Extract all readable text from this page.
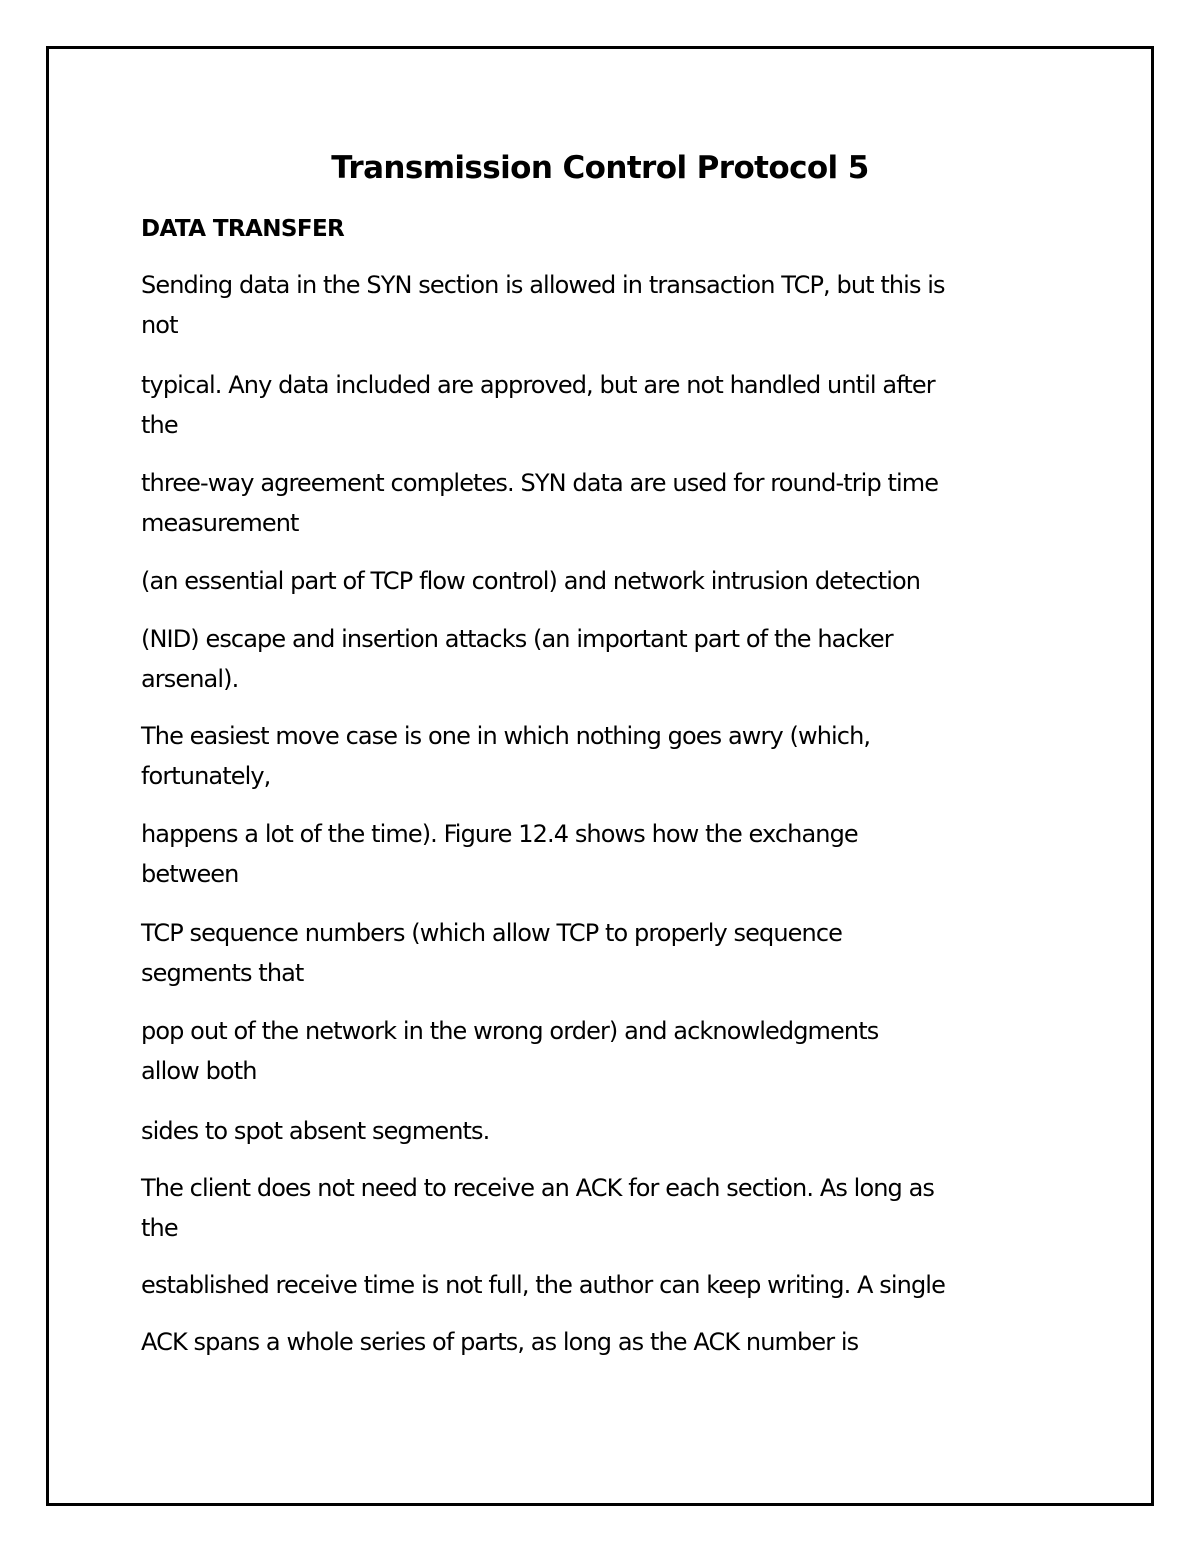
Transmission Control Protocol 5
DATA TRANSFER

Sending data in the SYN section is allowed in transaction TCP, but this is
not

typical. Any data included are approved, but are not handled until after
the

three-way agreement completes. SYN data are used for round-trip time
measurement

(an essential part of TCP flow control) and network intrusion detection

(NID) escape and insertion attacks (an important part of the hacker
arsenal).

The easiest move case is one in which nothing goes awry (which,
fortunately,

happens a lot of the time). Figure 12.4 shows how the exchange
between

TCP sequence numbers (which allow TCP to properly sequence
segments that

pop out of the network in the wrong order) and acknowledgments
allow both

sides to spot absent segments.

The client does not need to receive an ACK for each section. As long as
the

established receive time is not full, the author can keep writing. A single

ACK spans a whole series of parts, as long as the ACK number is
